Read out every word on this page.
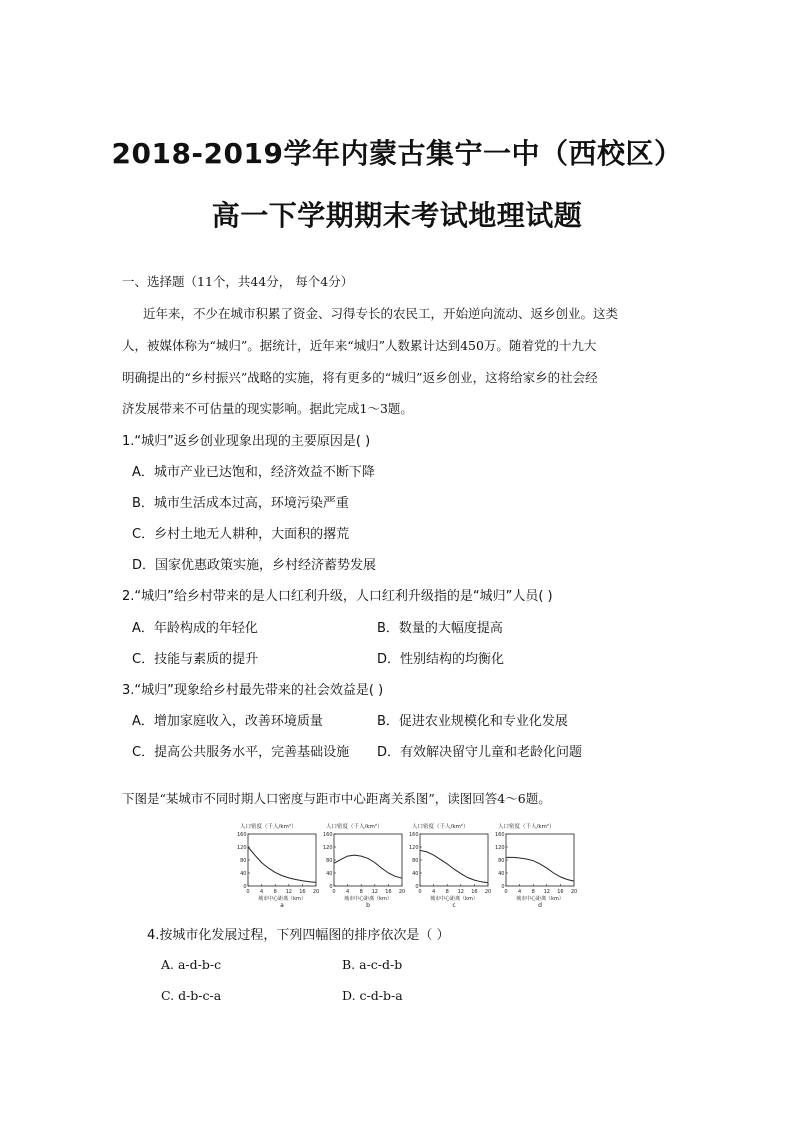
2018-2019学年内蒙古集宁一中（西校区）
高一下学期期末考试地理试题
一、选择题（11个，共44分， 每个4分）
近年来，不少在城市积累了资金、习得专长的农民工，开始逆向流动、返乡创业。这类
人，被媒体称为“城归”。据统计，近年来“城归”人数累计达到450万。随着党的十九大
明确提出的“乡村振兴”战略的实施，将有更多的“城归”返乡创业，这将给家乡的社会经
济发展带来不可估量的现实影响。据此完成1～3题。
1.“城归”返乡创业现象出现的主要原因是( )
A．城市产业已达饱和，经济效益不断下降
B．城市生活成本过高，环境污染严重
C．乡村土地无人耕种，大面积的撂荒
D．国家优惠政策实施，乡村经济蓄势发展
2.“城归”给乡村带来的是人口红利升级，人口红利升级指的是“城归”人员( )
A．年龄构成的年轻化	B．数量的大幅度提高
C．技能与素质的提升	D．性别结构的均衡化
3.“城归”现象给乡村最先带来的社会效益是( )
A．增加家庭收入，改善环境质量	B．促进农业规模化和专业化发展
C．提高公共服务水平，完善基础设施 D．有效解决留守儿童和老龄化问题
下图是“某城市不同时期人口密度与距市中心距离关系图”，读图回答4～6题。
人口密度（千人/km²）
0
40
80
120
160
0 4 8 12 16 20
城市中心距离（km）
a
人口密度（千人/km²）
0
40
80
120
160
0 4 8 12 16 20
城市中心距离（km）
b
人口密度（千人/km²）
0
40
80
120
160
0 4 8 12 16 20
城市中心距离（km）
c
人口密度（千人/km²）
0
40
80
120
160
0 4 8 12 16 20
城市中心距离（km）
d
4.按城市化发展过程，下列四幅图的排序依次是（ ）
A. a-d-b-c	B. a-c-d-b
C. d-b-c-a	D. c-d-b-a
